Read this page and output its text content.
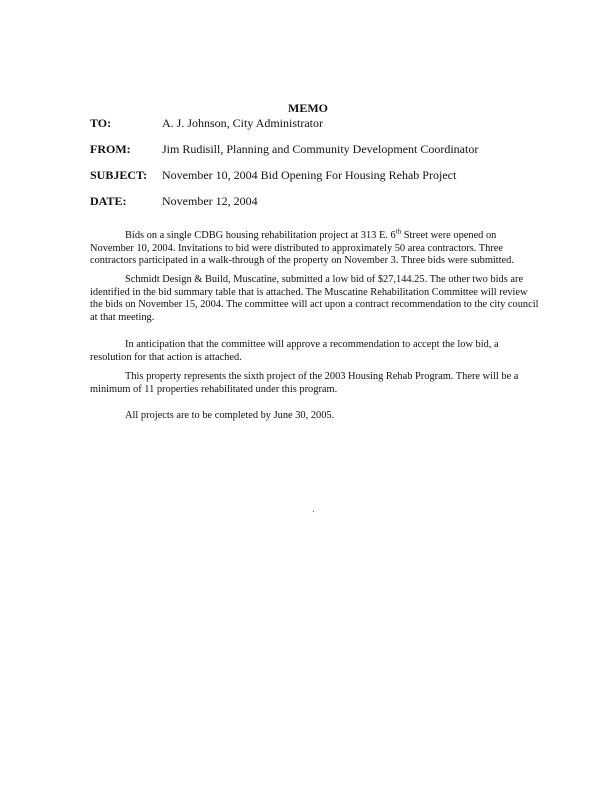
MEMO
TO:	A. J. Johnson, City Administrator
FROM:	Jim Rudisill, Planning and Community Development Coordinator
SUBJECT: November 10, 2004 Bid Opening For Housing Rehab Project
DATE:	November 12, 2004
Bids on a single CDBG housing rehabilitation project at 313 E. 6th Street were opened on
November 10, 2004. Invitations to bid were distributed to approximately 50 area contractors. Three
contractors participated in a walk-through of the property on November 3. Three bids were submitted.
Schmidt Design & Build, Muscatine, submitted a low bid of $27,144.25. The other two bids are
identified in the bid summary table that is attached. The Muscatine Rehabilitation Committee will review
the bids on November 15, 2004. The committee will act upon a contract recommendation to the city council
at that meeting.
In anticipation that the committee will approve a recommendation to accept the low bid, a
resolution for that action is attached.
This property represents the sixth project of the 2003 Housing Rehab Program. There will be a
minimum of 11 properties rehabilitated under this program.
All projects are to be completed by June 30, 2005.
